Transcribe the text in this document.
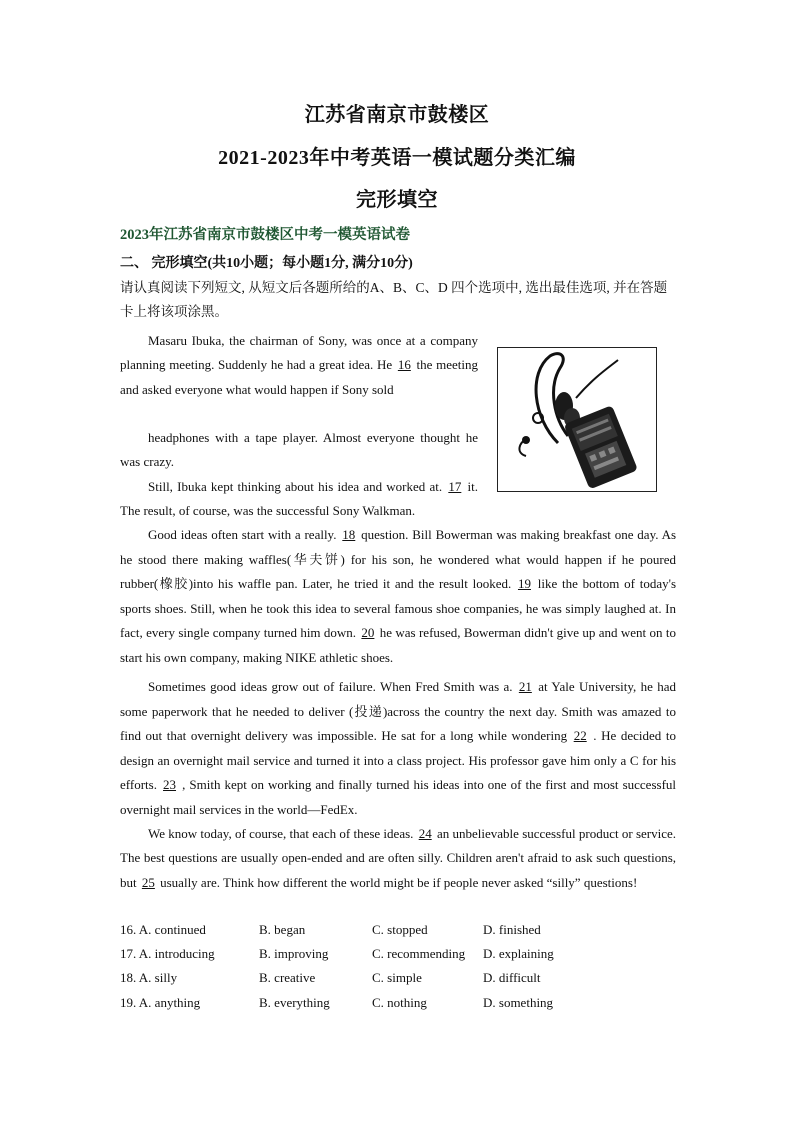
江苏省南京市鼓楼区
2021-2023年中考英语一模试题分类汇编
完形填空
2023年江苏省南京市鼓楼区中考一模英语试卷
二、 完形填空(共10小题；每小题1分, 满分10分)
请认真阅读下列短文, 从短文后各题所给的A、B、C、D 四个选项中, 选出最佳选项, 并在答题卡上将该项涂黑。
Masaru Ibuka, the chairman of Sony, was once at a company planning meeting. Suddenly he had a great idea. He 16 the meeting and asked everyone what would happen if Sony sold
headphones with a tape player. Almost everyone thought he was crazy.
Still, Ibuka kept thinking about his idea and worked at. 17 it. The result, of course, was the successful Sony Walkman.
Good ideas often start with a really. 18 question. Bill Bowerman was making breakfast one day. As he stood there making waffles(华夫饼) for his son, he wondered what would happen if he poured rubber(橡胶)into his waffle pan. Later, he tried it and the result looked. 19 like the bottom of today's sports shoes. Still, when he took this idea to several famous shoe companies, he was simply laughed at. In fact, every single company turned him down. 20 he was refused, Bowerman didn't give up and went on to start his own company, making NIKE athletic shoes.
Sometimes good ideas grow out of failure. When Fred Smith was a. 21 at Yale University, he had some paperwork that he needed to deliver (投递)across the country the next day. Smith was amazed to find out that overnight delivery was impossible. He sat for a long while wondering 22 . He decided to design an overnight mail service and turned it into a class project. His professor gave him only a C for his efforts. 23 , Smith kept on working and finally turned his ideas into one of the first and most successful overnight mail services in the world—FedEx.
We know today, of course, that each of these ideas. 24 an unbelievable successful product or service. The best questions are usually open-ended and are often silly. Children aren't afraid to ask such questions, but 25 usually are. Think how different the world might be if people never asked “silly” questions!
16. A. continued	B. began	C. stopped	D. finished
17. A. introducing	B. improving	C. recommending D. explaining
18. A. silly	B. creative	C. simple	D. difficult
19. A. anything	B. everything	C. nothing	D. something
